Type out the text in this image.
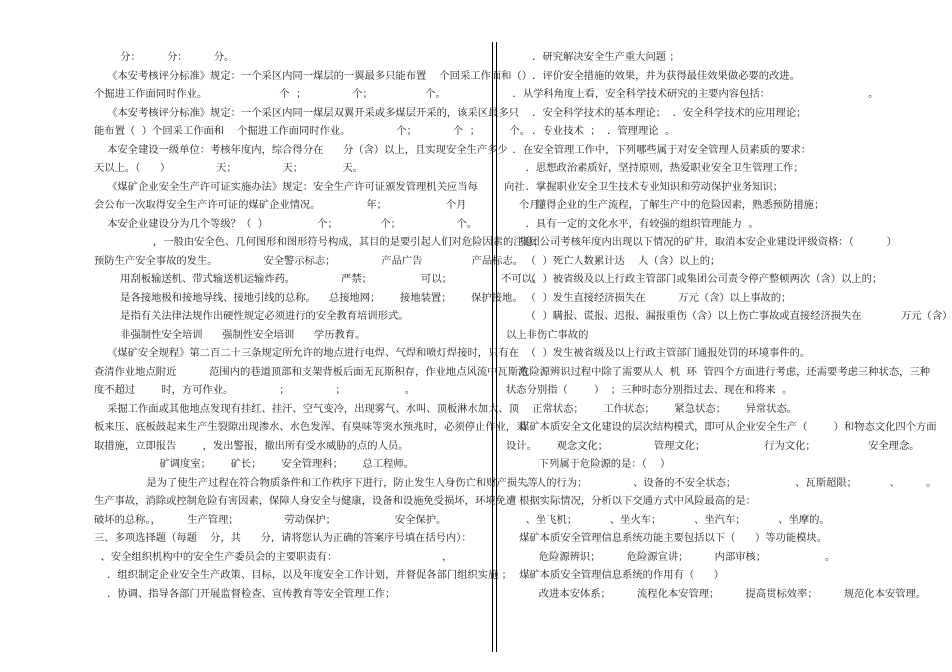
分：        分：        分。
《本安考核评分标准》规定：一个采区内同一煤层的一翼最多只能布置    个回采工作面和（）
个掘进工作面同时作业。                      个  ；              个；                个。
《本安考核评分标准》规定：一个采区内同一煤层双翼开采或多煤层开采的，该采区最多只
能布置（  ）个回采工作面和    个掘进工作面同时作业。              个；           个  ；         个。
本安全建设一级单位：考核年度内，综合得分在      分（含）以上，且实现安全生产多少
天以上。（      ）              天；              天；            天。
《煤矿企业安全生产许可证实施办法》规定：安全生产许可证颁发管理机关应当每        向社
会公布一次取得安全生产许可证的煤矿企业情况。              年；                  个月                个月。
本安企业建设分为几个等级？（  ）               个；             个；                 个。
，一般由安全色、几何图形和图形符号构成，其目的是要引起人们对危险因素的注意，
预防生产安全事故的发生。              安全警示标志；              产品广告               产品标志。
用刮板输送机、带式输送机运输炸药。              严禁；               可以；               不可以。
是各接地极和接地导线、接地引线的总称。    总接地网；      接地装置；      保护接地。
是指有关法律法规作出硬性规定必须进行的安全教育培训形式。
非强制性安全培训      强制性安全培训      学历教育。
《煤矿安全规程》第二百二十三条规定所允许的地点进行电焊、气焊和喷灯焊接时，只有在
查清作业地点附近          范围内的巷道顶部和支架背板后面无瓦斯积存，作业地点风流中瓦斯浓
度不超过        时，方可作业。              ；              ；                  。
采掘工作面或其他地点发现有挂红、挂汗、空气变冷，出现雾气、水叫、顶板淋水加大、顶
板来压、底板鼓起来生产生裂隙出现渗水、水色发浑、有臭味等突水预兆时，必须停止作业，采
取措施，立即报告        ，发出警报，撤出所有受水威胁的点的人员。
矿调度室；      矿长；      安全管理科；      总工程师。
是为了使生产过程在符合物质条件和工作秩序下进行，防止发生人身伤亡和财产损失等
生产事故，消除或控制危险有害因素，保障人身安全与健康，设备和设施免受损坏，环境免遭
破坏的总称。，        生产管理；              劳动保护；                  安全保护。
三、多项选择题（每题    分，共      分，请将您认为正确的答案序号填在括号内）：
、安全组织机构中的安全生产委员会的主要职责有：                                ，
．组织制定企业安全生产政策、目标，以及年度安全工作计划，并督促各部门组织实施 ；
．协调、指导各部门开展监督检查、宣传教育等安全管理工作；
．研究解决安全生产重大问题 ；
．评价安全措施的效果，并为获得最佳效果做必要的改进。
．从学科角度上看，安全科学技术研究的主要内容包括：                              。
．安全科学技术的基本理论；  ．安全科学技术的应用理论；
．专业技术  ；  ．管理理论  。
．在安全管理工作中，下列哪些属于对安全管理人员素质的要求：
．思想政治素质好，坚持原则，热爱职业安全卫生管理工作；
．掌握职业安全卫生技术专业知识和劳动保护业务知识；
．懂得企业的生产流程，了解生产中的危险因素，熟悉预防措施；
．具有一定的文化水平，有较强的组织管理能力  。
集团公司考核年度内出现以下情况的矿井，取消本安企业建设评级资格：（          ）
（  ）死亡人数累计达    人（含）以上的；
（  ）被省级及以上行政主管部门或集团公司责令停产整顿两次（含）以上的；
（  ）发生直接经济损失在          万元（含）以上事故的；
（  ）瞒报、谎报、迟报、漏报重伤（含）以上伤亡事故或直接经济损失在            万元（含）
以上非伤亡事故的
（  ）发生被省级及以上行政主管部门通报处罚的环境事件的。
危险源辨识过程中除了需要从人  机  环  管四个方面进行考虑，还需要考虑三种状态，三种
状态分别指（        ）  ；三种时态分别指过去、现在和将来  。
正常状态；      工作状态；      紧急状态；      异常状态。
煤矿本质安全文化建设的层次结构模式，即可从企业安全生产（        ）和物态文化四个方面
设计。      观念文化；              管理文化；                  行为文化；                安全理念。
下列属于危险源的是：（    ）
、人的行为；              、设备的不安全状态；                  、瓦斯超限；          、        。
根据实际情况，分析以下交通方式中风险最高的是：
、坐飞机；          、坐火车；          、坐汽车；          、坐摩的。
煤矿本质安全管理信息系统功能主要包括以下（      ）等功能模块。
危险源辨识；        危险源宣讲；        内部审核；                  。
煤矿本质安全管理信息系统的作用有（      ）
改进本安体系；        流程化本安管理；        提高贯标效率；        规范化本安管理。
